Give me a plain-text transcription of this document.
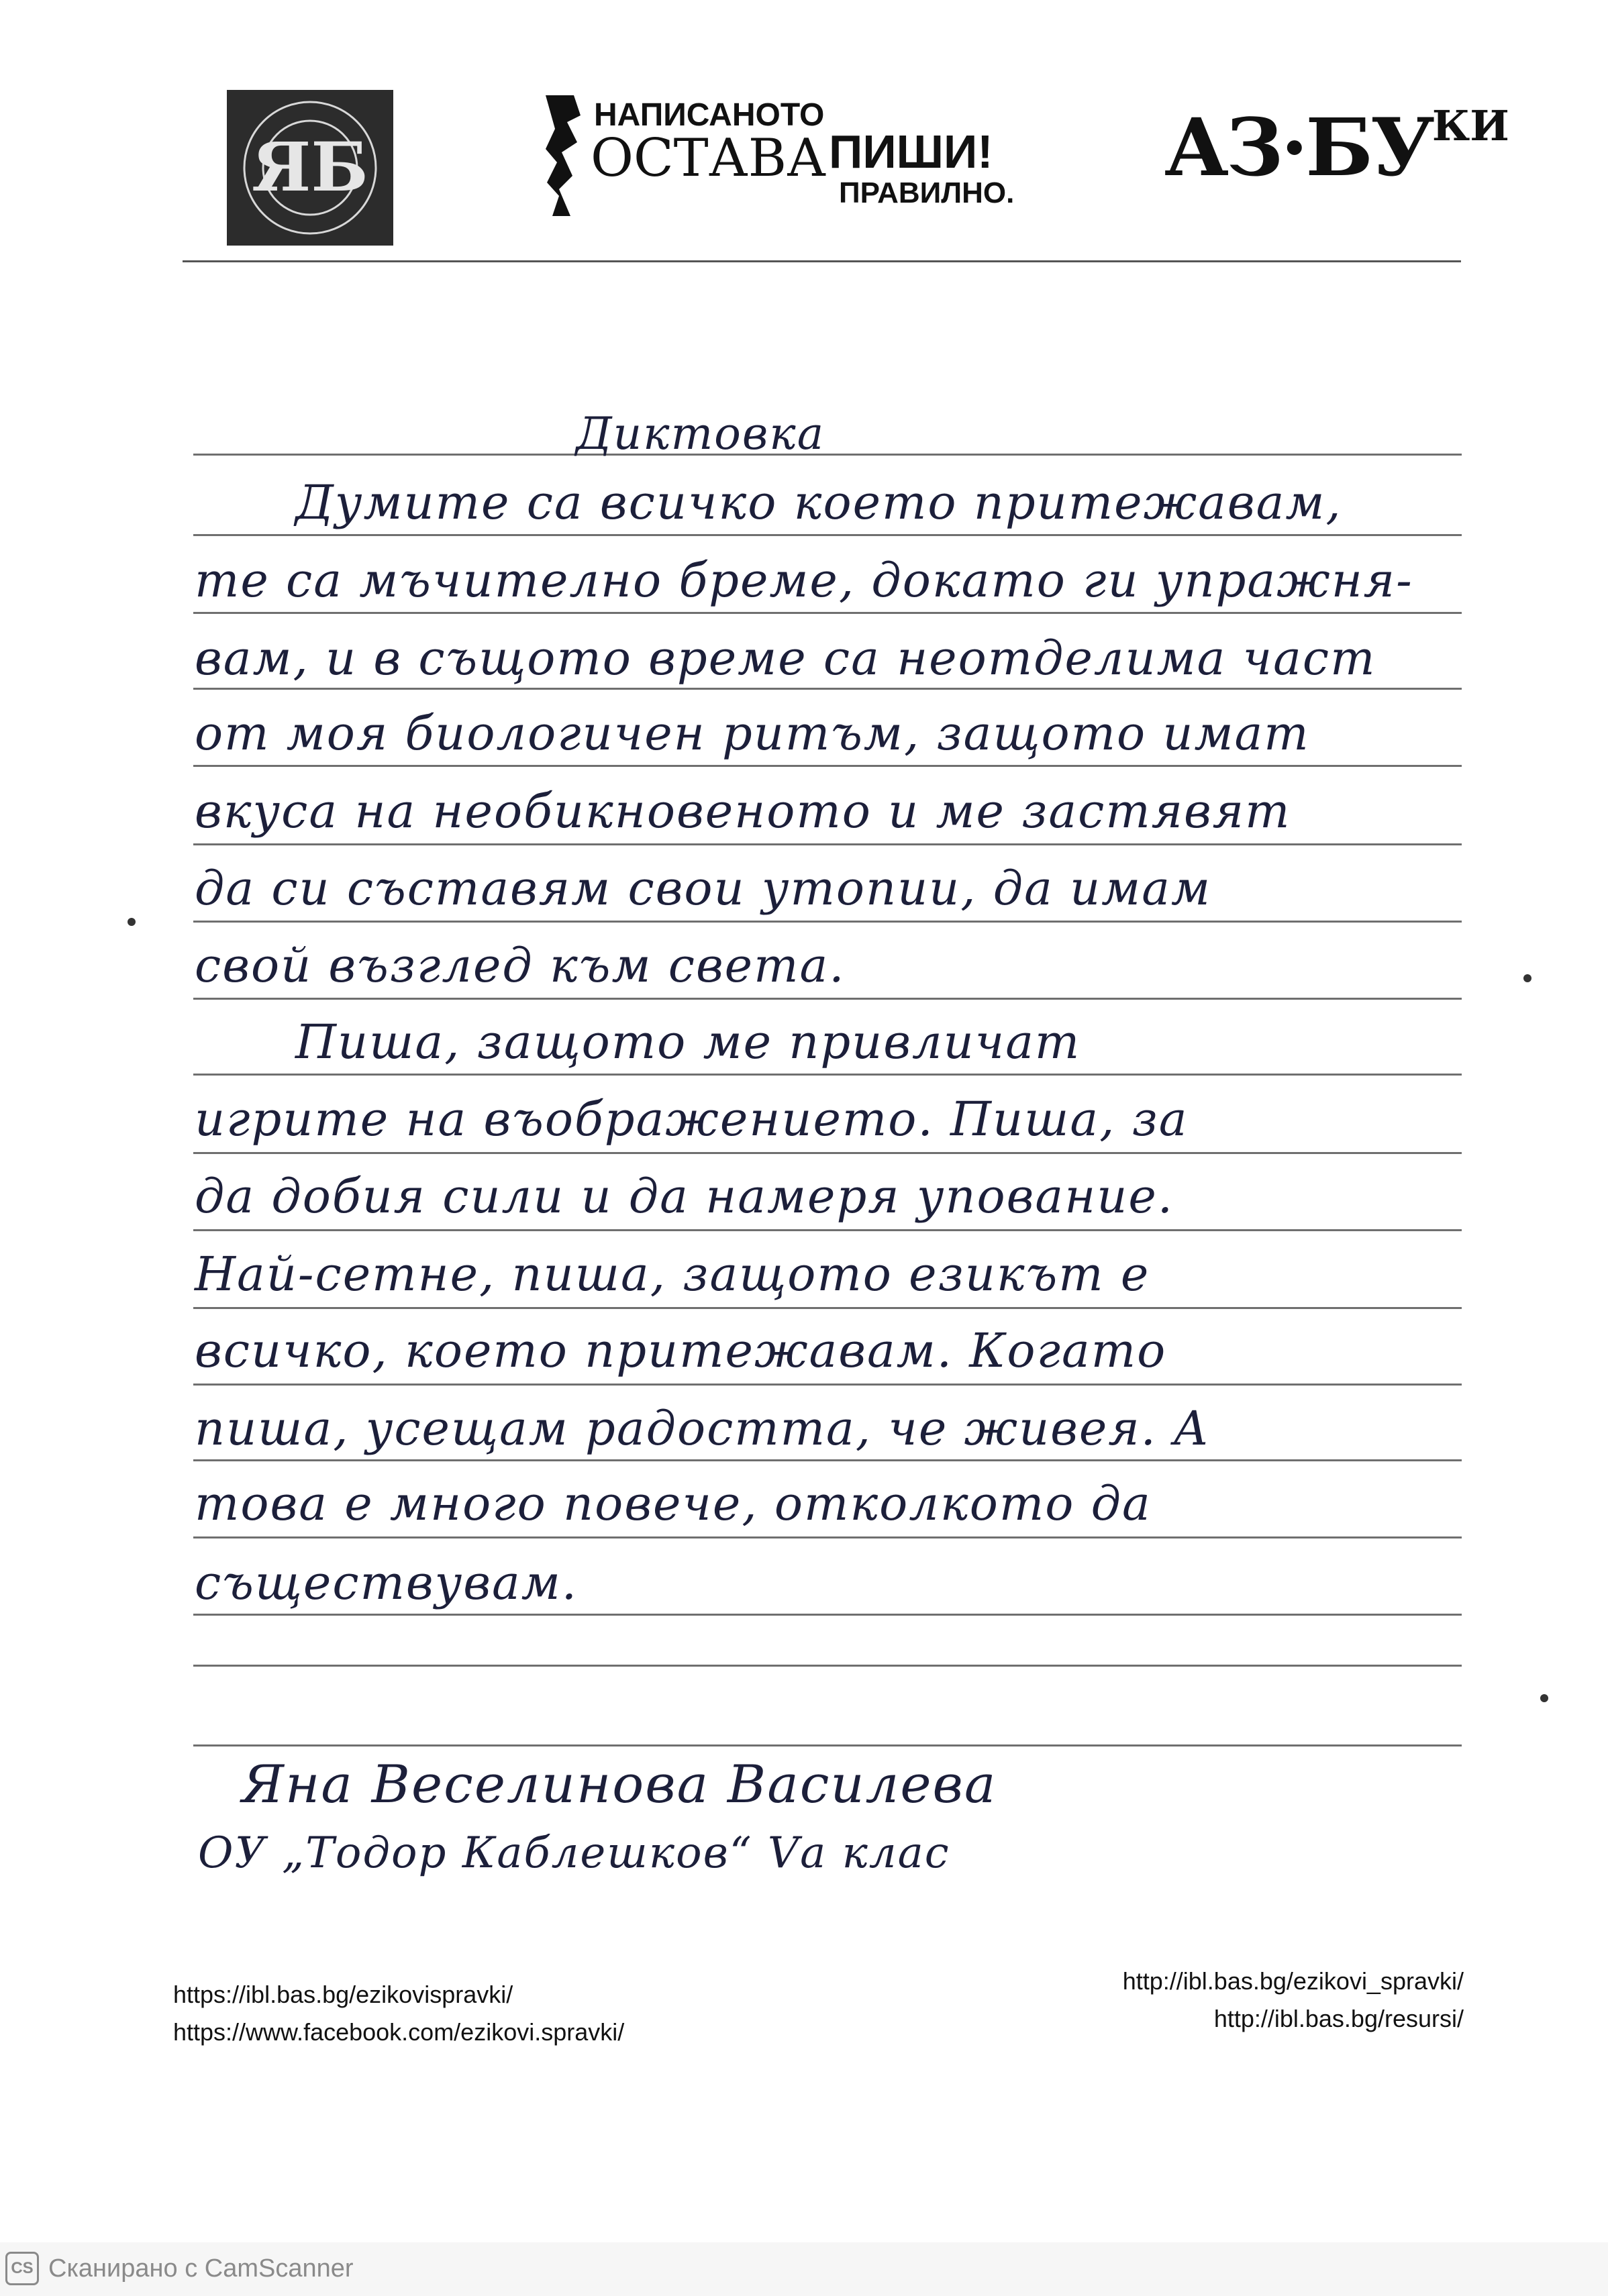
ЯБ
НАПИСАНОТО
ОСТАВА ПИШИ!
ПРАВИЛНО. АЗ·БУКИ
Диктовка
Думите са всичко което притежавам,
те са мъчително бреме, докато ги упражня-
вам, и в същото време са неотделима част
от моя биологичен ритъм, защото имат
вкуса на необикновеното и ме застявят
да си съставям свои утопии, да имам
свой възглед към света.
Пиша, защото ме привличат
игрите на въображението. Пиша, за
да добия сили и да намеря упование.
Най-сетне, пиша, защото езикът е
всичко, което притежавам. Когато
пиша, усещам радостта, че живея. А
това е много повече, отколкото да
съществувам.
Яна Веселинова Василева
ОУ „Тодор Каблешков“ Vа клас
https://ibl.bas.bg/ezikovispravki/
https://www.facebook.com/ezikovi.spravki/
http://ibl.bas.bg/ezikovi_spravki/
http://ibl.bas.bg/resursi/
CS Сканирано с CamScanner
